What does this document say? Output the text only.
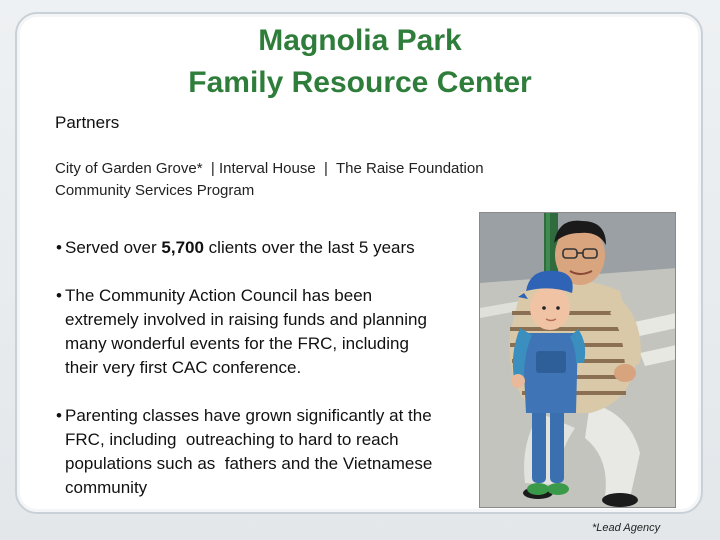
Magnolia Park
Family Resource Center
Partners
City of Garden Grove*  | Interval House  |  The Raise Foundation
Community Services Program
• Served over 5,700 clients over the last 5 years
• The Community Action Council has been
extremely involved in raising funds and planning
many wonderful events for the FRC, including
their very first CAC conference.
• Parenting classes have grown significantly at the
FRC, including  outreaching to hard to reach
populations such as  fathers and the Vietnamese
community
*Lead Agency
